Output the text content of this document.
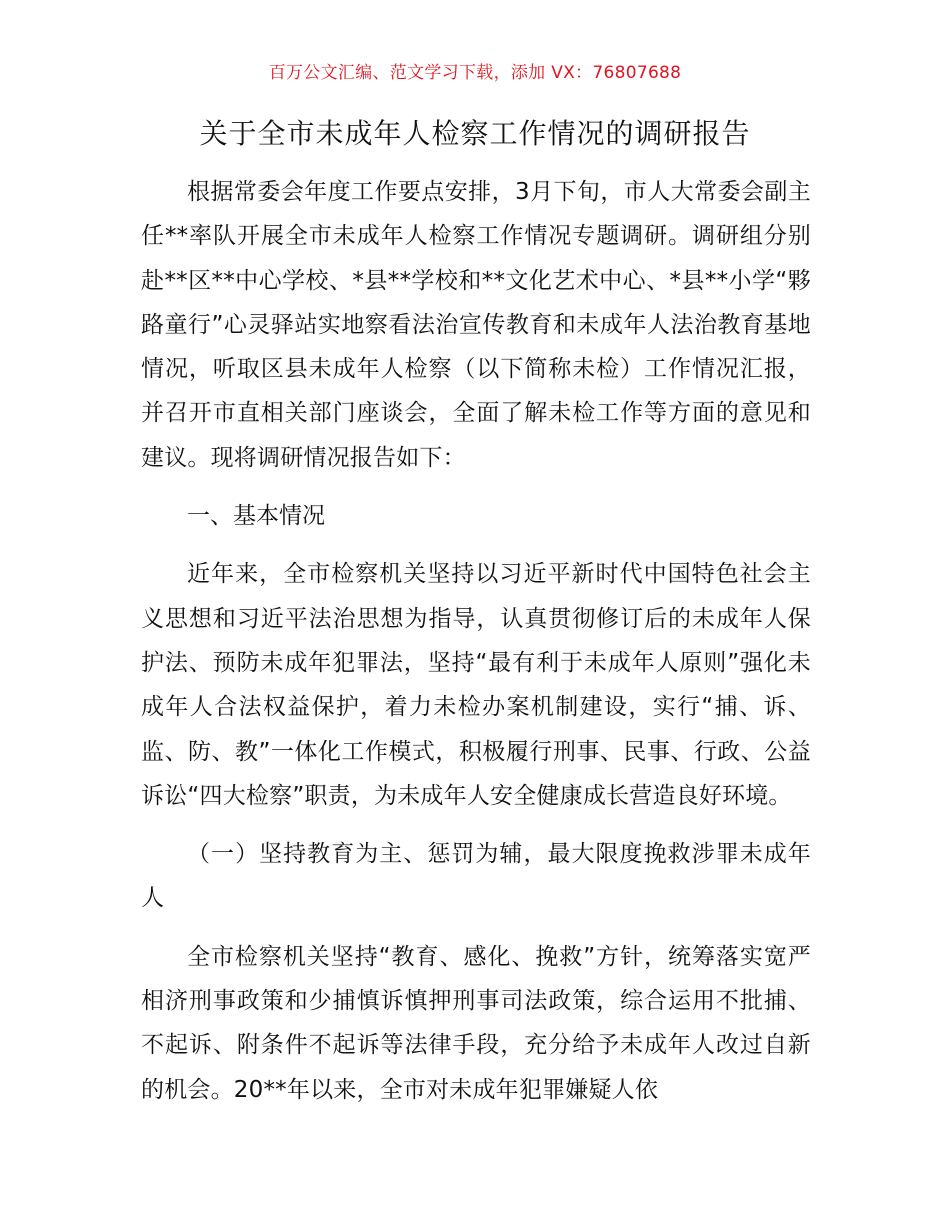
百万公文汇编、范文学习下载，添加 VX：76807688
关于全市未成年人检察工作情况的调研报告

根据常委会年度工作要点安排，3月下旬，市人大常委会副主任**率队开展全市未成年人检察工作情况专题调研。调研组分别赴**区**中心学校、*县**学校和**文化艺术中心、*县**小学“夥路童行”心灵驿站实地察看法治宣传教育和未成年人法治教育基地情况，听取区县未成年人检察（以下简称未检）工作情况汇报，并召开市直相关部门座谈会，全面了解未检工作等方面的意见和建议。现将调研情况报告如下：

一、基本情况

近年来，全市检察机关坚持以习近平新时代中国特色社会主义思想和习近平法治思想为指导，认真贯彻修订后的未成年人保护法、预防未成年犯罪法，坚持“最有利于未成年人原则”强化未成年人合法权益保护，着力未检办案机制建设，实行“捕、诉、监、防、教”一体化工作模式，积极履行刑事、民事、行政、公益诉讼“四大检察”职责，为未成年人安全健康成长营造良好环境。

（一）坚持教育为主、惩罚为辅，最大限度挽救涉罪未成年人

全市检察机关坚持“教育、感化、挽救”方针，统筹落实宽严相济刑事政策和少捕慎诉慎押刑事司法政策，综合运用不批捕、不起诉、附条件不起诉等法律手段，充分给予未成年人改过自新的机会。20**年以来，全市对未成年犯罪嫌疑人依
